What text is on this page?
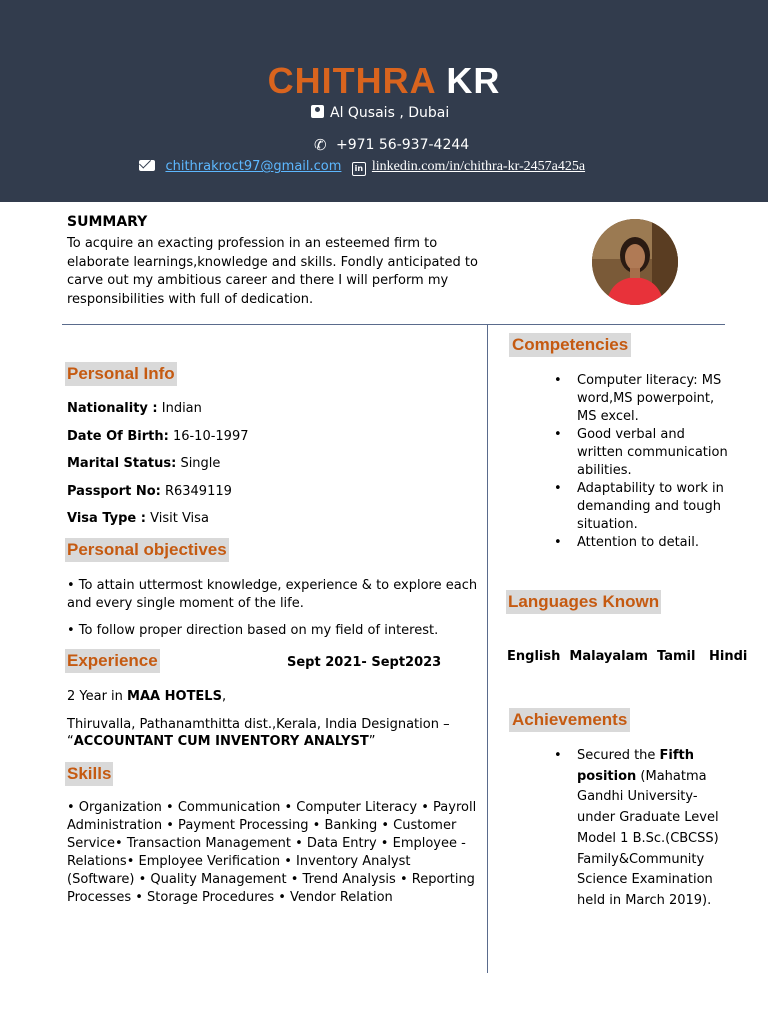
CHITHRA KR
Al Qusais , Dubai
✆ +971 56-937-4244
chithrakroct97@gmail.com in linkedin.com/in/chithra-kr-2457a425a
SUMMARY
To acquire an exacting profession in an esteemed firm to elaborate learnings,knowledge and skills. Fondly anticipated to carve out my ambitious career and there I will perform my responsibilities with full of dedication.
Personal Info
Nationality : Indian
Date Of Birth: 16-10-1997
Marital Status: Single
Passport No: R6349119
Visa Type : Visit Visa
Personal objectives
• To attain uttermost knowledge, experience & to explore each and every single moment of the life.
• To follow proper direction based on my field of interest.
Experience	Sept 2021- Sept2023
2 Year in MAA HOTELS,
Thiruvalla, Pathanamthitta dist.,Kerala, India Designation –
“ACCOUNTANT CUM INVENTORY ANALYST”
Skills
• Organization • Communication • Computer Literacy • Payroll Administration • Payment Processing • Banking • Customer Service• Transaction Management • Data Entry • Employee - Relations• Employee Verification • Inventory Analyst (Software) • Quality Management • Trend Analysis • Reporting Processes • Storage Procedures • Vendor Relation
Competencies
• Computer literacy: MS word,MS powerpoint, MS excel.
• Good verbal and written communication abilities.
• Adaptability to work in demanding and tough situation.
• Attention to detail.
Languages Known
English  Malayalam  Tamil   Hindi
Achievements
• Secured the Fifth position (Mahatma Gandhi University- under Graduate Level Model 1 B.Sc.(CBCSS) Family&Community Science Examination held in March 2019).
